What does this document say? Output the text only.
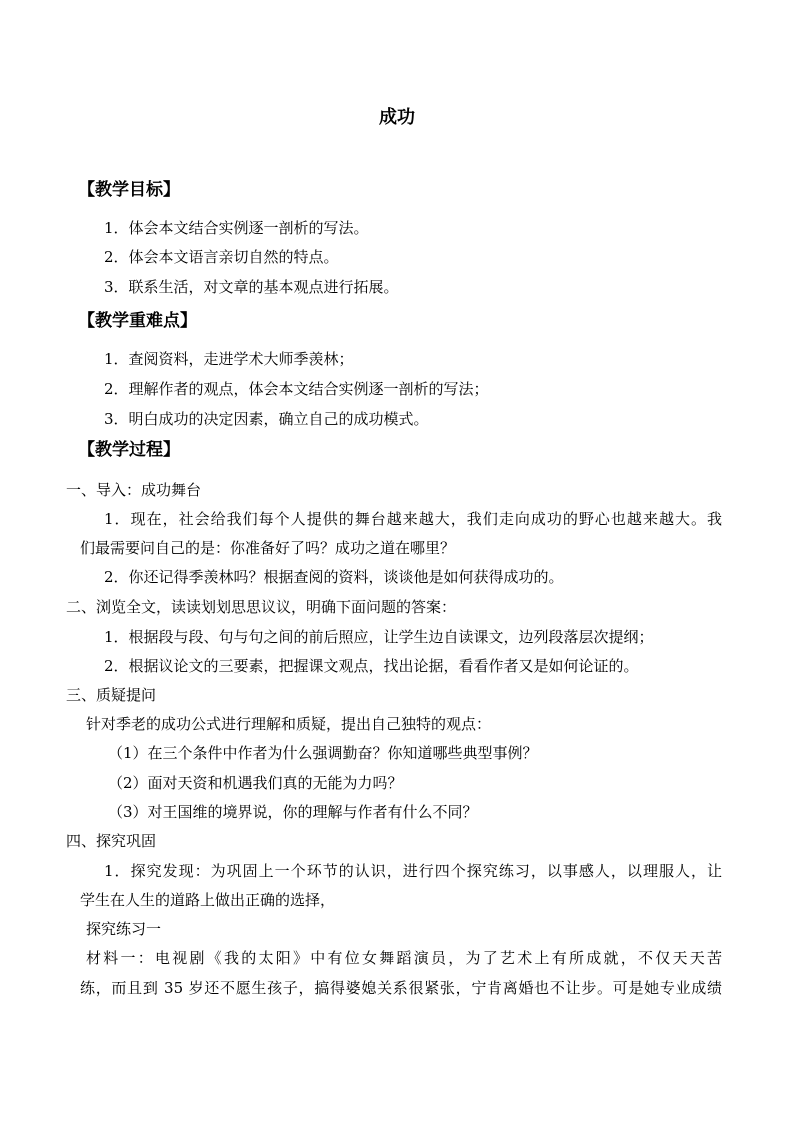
成功
【教学目标】
1．体会本文结合实例逐一剖析的写法。
2．体会本文语言亲切自然的特点。
3．联系生活，对文章的基本观点进行拓展。
【教学重难点】
1．查阅资料，走进学术大师季羡林；
2．理解作者的观点，体会本文结合实例逐一剖析的写法；
3．明白成功的决定因素，确立自己的成功模式。
【教学过程】
一、导入：成功舞台
1．现在，社会给我们每个人提供的舞台越来越大，我们走向成功的野心也越来越大。我
们最需要问自己的是：你准备好了吗？成功之道在哪里？
2．你还记得季羡林吗？根据查阅的资料，谈谈他是如何获得成功的。
二、浏览全文，读读划划思思议议，明确下面问题的答案：
1．根据段与段、句与句之间的前后照应，让学生边自读课文，边列段落层次提纲；
2．根据议论文的三要素，把握课文观点，找出论据，看看作者又是如何论证的。
三、质疑提问
针对季老的成功公式进行理解和质疑，提出自己独特的观点：
（1）在三个条件中作者为什么强调勤奋？你知道哪些典型事例？
（2）面对天资和机遇我们真的无能为力吗？
（3）对王国维的境界说，你的理解与作者有什么不同？
四、探究巩固
1．探究发现：为巩固上一个环节的认识，进行四个探究练习，以事感人，以理服人，让
学生在人生的道路上做出正确的选择，
探究练习一
材料一：电视剧《我的太阳》中有位女舞蹈演员，为了艺术上有所成就，不仅天天苦
练，而且到 35 岁还不愿生孩子，搞得婆媳关系很紧张，宁肯离婚也不让步。可是她专业成绩
